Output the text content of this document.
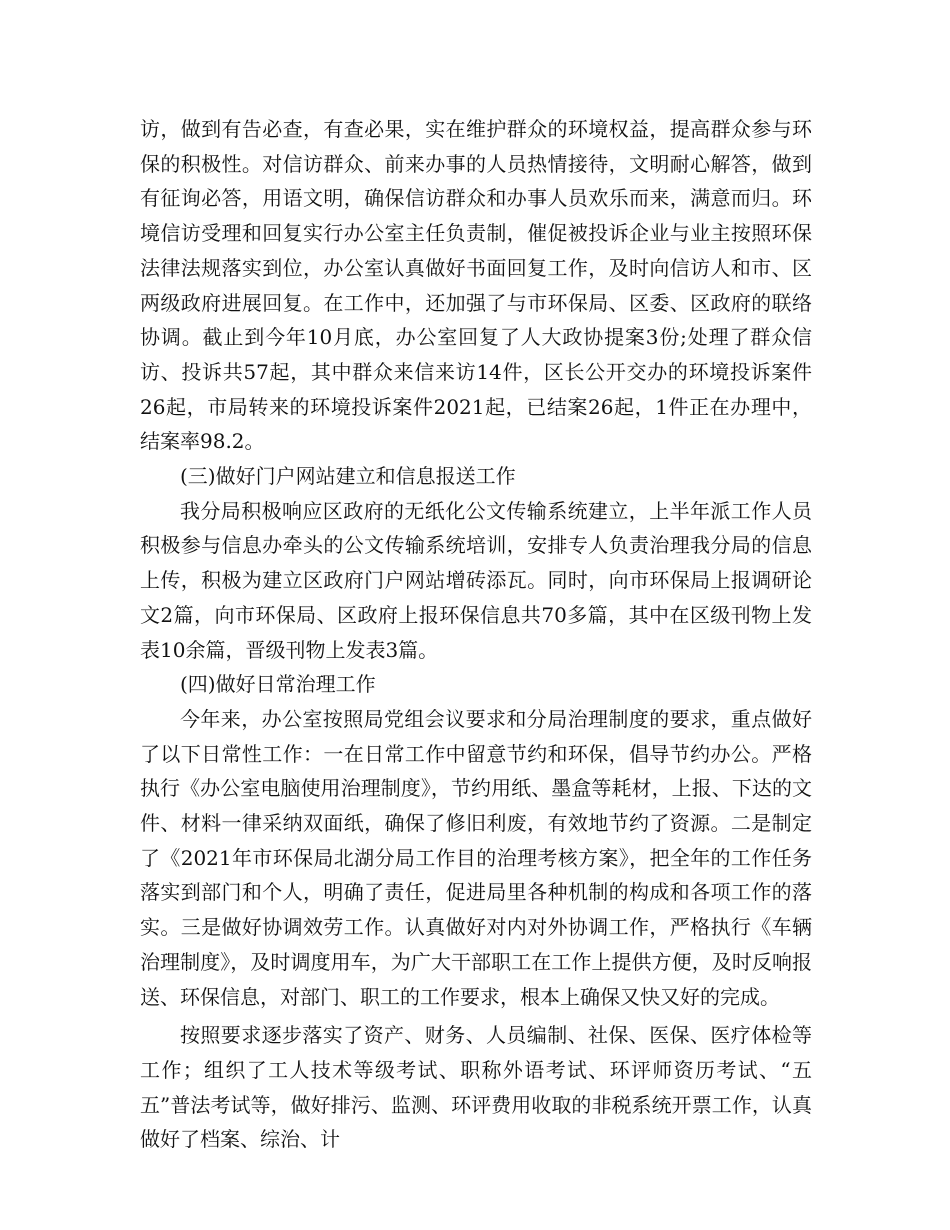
访，做到有告必查，有查必果，实在维护群众的环境权益，提高群众参与环保的积极性。对信访群众、前来办事的人员热情接待，文明耐心解答，做到有征询必答，用语文明，确保信访群众和办事人员欢乐而来，满意而归。环境信访受理和回复实行办公室主任负责制，催促被投诉企业与业主按照环保法律法规落实到位，办公室认真做好书面回复工作，及时向信访人和市、区两级政府进展回复。在工作中，还加强了与市环保局、区委、区政府的联络协调。截止到今年10月底，办公室回复了人大政协提案3份;处理了群众信访、投诉共57起，其中群众来信来访14件，区长公开交办的环境投诉案件26起，市局转来的环境投诉案件2021起，已结案26起，1件正在办理中，结案率98.2。

(三)做好门户网站建立和信息报送工作

我分局积极响应区政府的无纸化公文传输系统建立，上半年派工作人员积极参与信息办牵头的公文传输系统培训，安排专人负责治理我分局的信息上传，积极为建立区政府门户网站增砖添瓦。同时，向市环保局上报调研论文2篇，向市环保局、区政府上报环保信息共70多篇，其中在区级刊物上发表10余篇，晋级刊物上发表3篇。

(四)做好日常治理工作

今年来，办公室按照局党组会议要求和分局治理制度的要求，重点做好了以下日常性工作：一在日常工作中留意节约和环保，倡导节约办公。严格执行《办公室电脑使用治理制度》，节约用纸、墨盒等耗材，上报、下达的文件、材料一律采纳双面纸，确保了修旧利废，有效地节约了资源。二是制定了《2021年市环保局北湖分局工作目的治理考核方案》，把全年的工作任务落实到部门和个人，明确了责任，促进局里各种机制的构成和各项工作的落实。三是做好协调效劳工作。认真做好对内对外协调工作，严格执行《车辆治理制度》，及时调度用车，为广大干部职工在工作上提供方便，及时反响报送、环保信息，对部门、职工的工作要求，根本上确保又快又好的完成。

按照要求逐步落实了资产、财务、人员编制、社保、医保、医疗体检等工作；组织了工人技术等级考试、职称外语考试、环评师资历考试、“五五”普法考试等，做好排污、监测、环评费用收取的非税系统开票工作，认真做好了档案、综治、计
